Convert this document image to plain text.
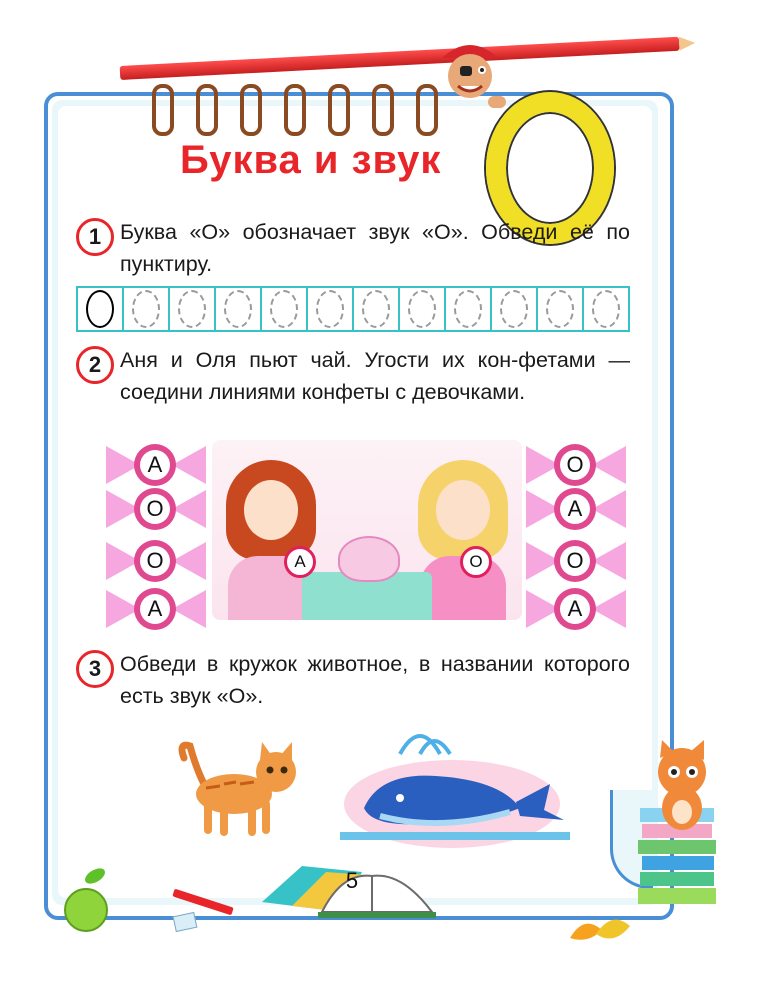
Буква и звук
1 Буква «О» обозначает звук «О». Обведи её по пунктиру.
2 Аня и Оля пьют чай. Угости их кон-фетами — соедини линиями конфеты с девочками.
А
О
О
А
О
А
О
А
А	О
3 Обведи в кружок животное, в названии которого есть звук «О».
5
